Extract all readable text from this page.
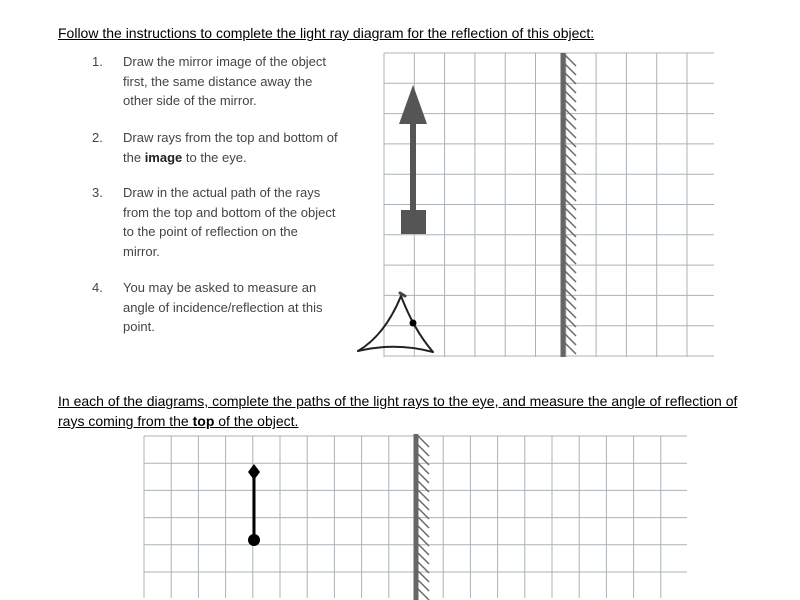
Follow the instructions to complete the light ray diagram for the reflection of this object:
1. Draw the mirror image of the object first, the same distance away the other side of the mirror.
2. Draw rays from the top and bottom of the image to the eye.
3. Draw in the actual path of the rays from the top and bottom of the object to the point of reflection on the mirror.
4. You may be asked to measure an angle of incidence/reflection at this point.
In each of the diagrams, complete the paths of the light rays to the eye, and measure the angle of reflection of rays coming from the top of the object.
